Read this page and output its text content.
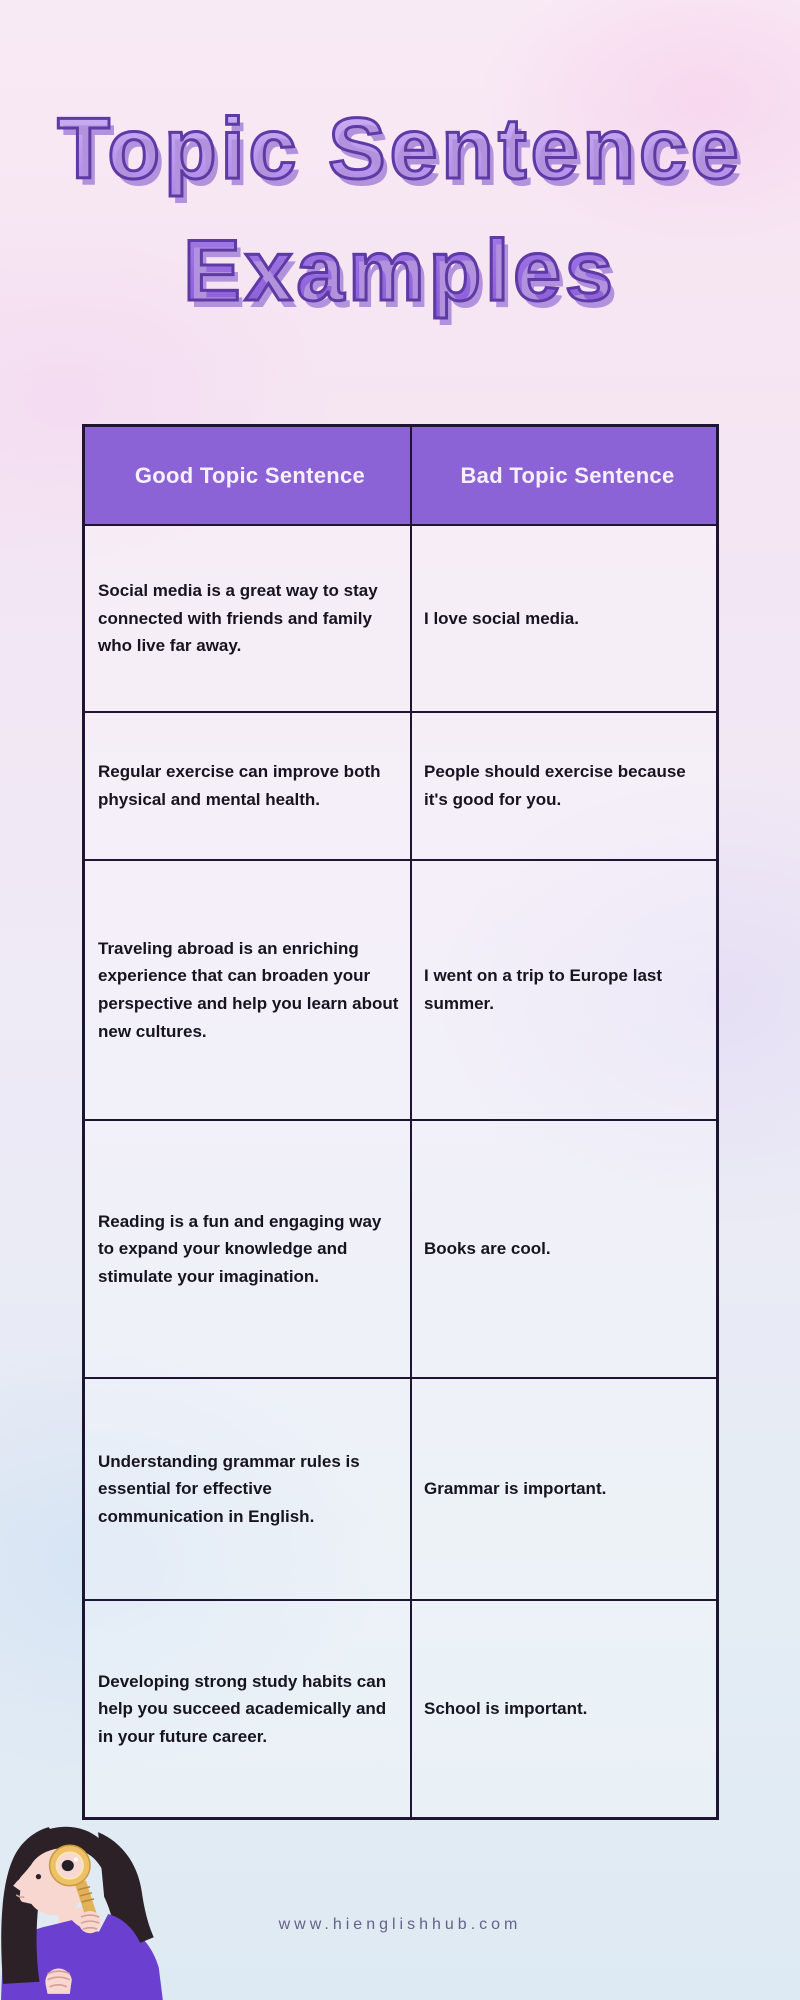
Topic Sentence
Examples
Good Topic Sentence	Bad Topic Sentence
Social media is a great way to stay connected with friends and family who live far away.
I love social media.
Regular exercise can improve both physical and mental health.
People should exercise because it's good for you.
Traveling abroad is an enriching experience that can broaden your perspective and help you learn about new cultures.
I went on a trip to Europe last summer.
Reading is a fun and engaging way to expand your knowledge and stimulate your imagination.
Books are cool.
Understanding grammar rules is essential for effective communication in English.
Grammar is important.
Developing strong study habits can help you succeed academically and in your future career.
School is important.
www.hienglishhub.com
